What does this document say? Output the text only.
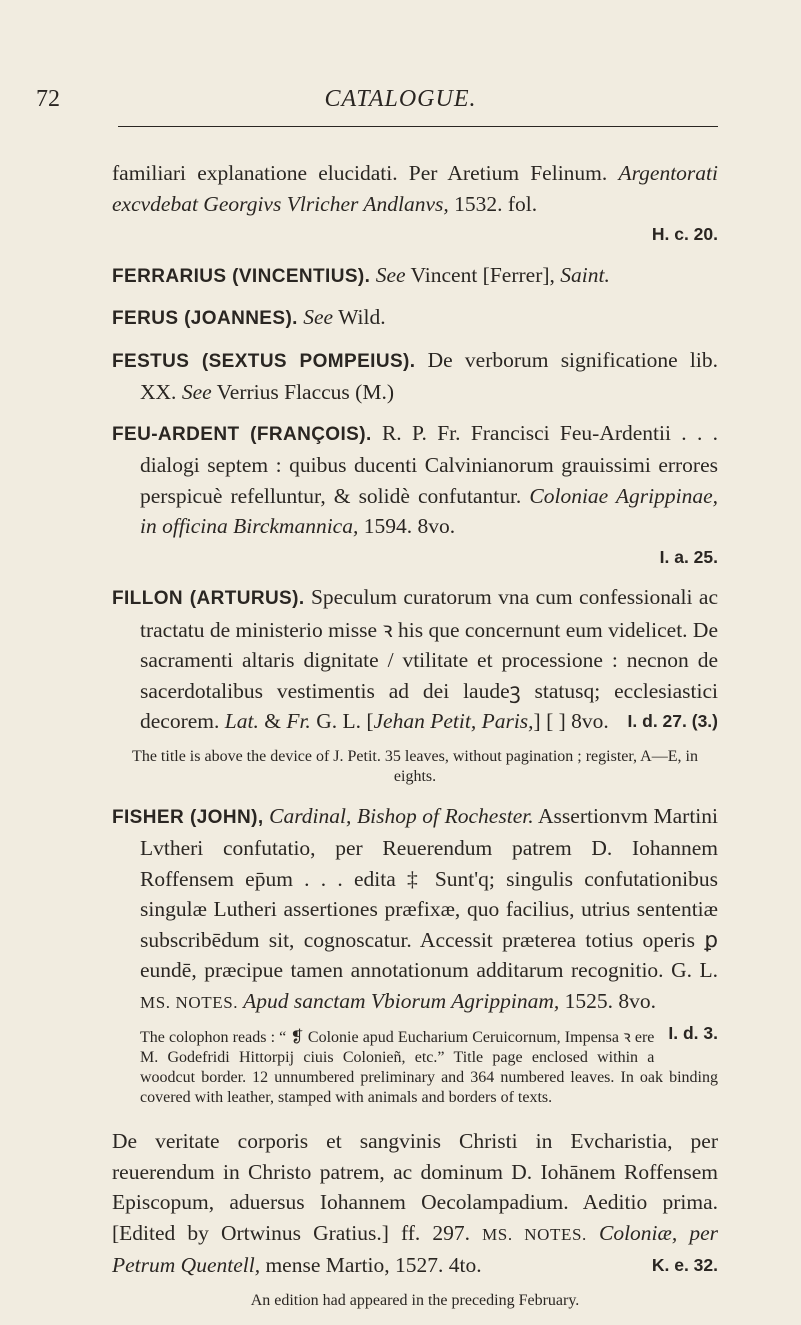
72	CATALOGUE.
familiari explanatione elucidati. Per Aretium Felinum. Argentorati excvdebat Georgivs Vlricher Andlanvs, 1532. fol.
H. c. 20.
FERRARIUS (VINCENTIUS). See Vincent [Ferrer], Saint.
FERUS (JOANNES). See Wild.
FESTUS (SEXTUS POMPEIUS). De verborum significatione lib. XX. See Verrius Flaccus (M.)
FEU-ARDENT (FRANÇOIS). R. P. Fr. Francisci Feu-Ardentii . . . dialogi septem : quibus ducenti Calvinianorum grauissimi errores perspicuè refelluntur, & solidè confutantur. Coloniae Agrippinae, in officina Birckmannica, 1594. 8vo.
I. a. 25.
FILLON (ARTURUS). Speculum curatorum vna cum confessionali ac tractatu de ministerio misse ꝛ his que concernunt eum videlicet. De sacramenti altaris dignitate / vtilitate et processione : necnon de sacerdotalibus vestimentis ad dei laudeꝫ statusq; ecclesiastici decorem. Lat. & Fr. G. L. [Jehan Petit, Paris,] [ ] 8vo.	I. d. 27. (3.)
The title is above the device of J. Petit. 35 leaves, without pagination ; register, A—E, in eights.
FISHER (JOHN), Cardinal, Bishop of Rochester. Assertionvm Martini Lvtheri confutatio, per Reuerendum patrem D. Iohannem Roffensem ep̄um . . . edita ‡ Sunt'q; singulis confutationibus singulæ Lutheri assertiones præfixæ, quo facilius, utrius sententiæ subscribēdum sit, cognoscatur. Accessit præterea totius operis ꝑ eundē, præcipue tamen annotationum additarum recognitio. G. L. MS. NOTES. Apud sanctam Vbiorum Agrippinam, 1525. 8vo.
I. d. 3.
The colophon reads : “ ❡ Colonie apud Eucharium Ceruicornum, Impensa ꝛ ere M. Godefridi Hittorpij ciuis Colonieñ, etc.” Title page enclosed within a woodcut border. 12 unnumbered preliminary and 364 numbered leaves. In oak binding covered with leather, stamped with animals and borders of texts.
De veritate corporis et sangvinis Christi in Evcharistia, per reuerendum in Christo patrem, ac dominum D. Iohānem Roffensem Episcopum, aduersus Iohannem Oecolampadium. Aeditio prima. [Edited by Ortwinus Gratius.] ff. 297. MS. NOTES. Coloniæ, per Petrum Quentell, mense Martio, 1527. 4to.	K. e. 32.
An edition had appeared in the preceding February.
